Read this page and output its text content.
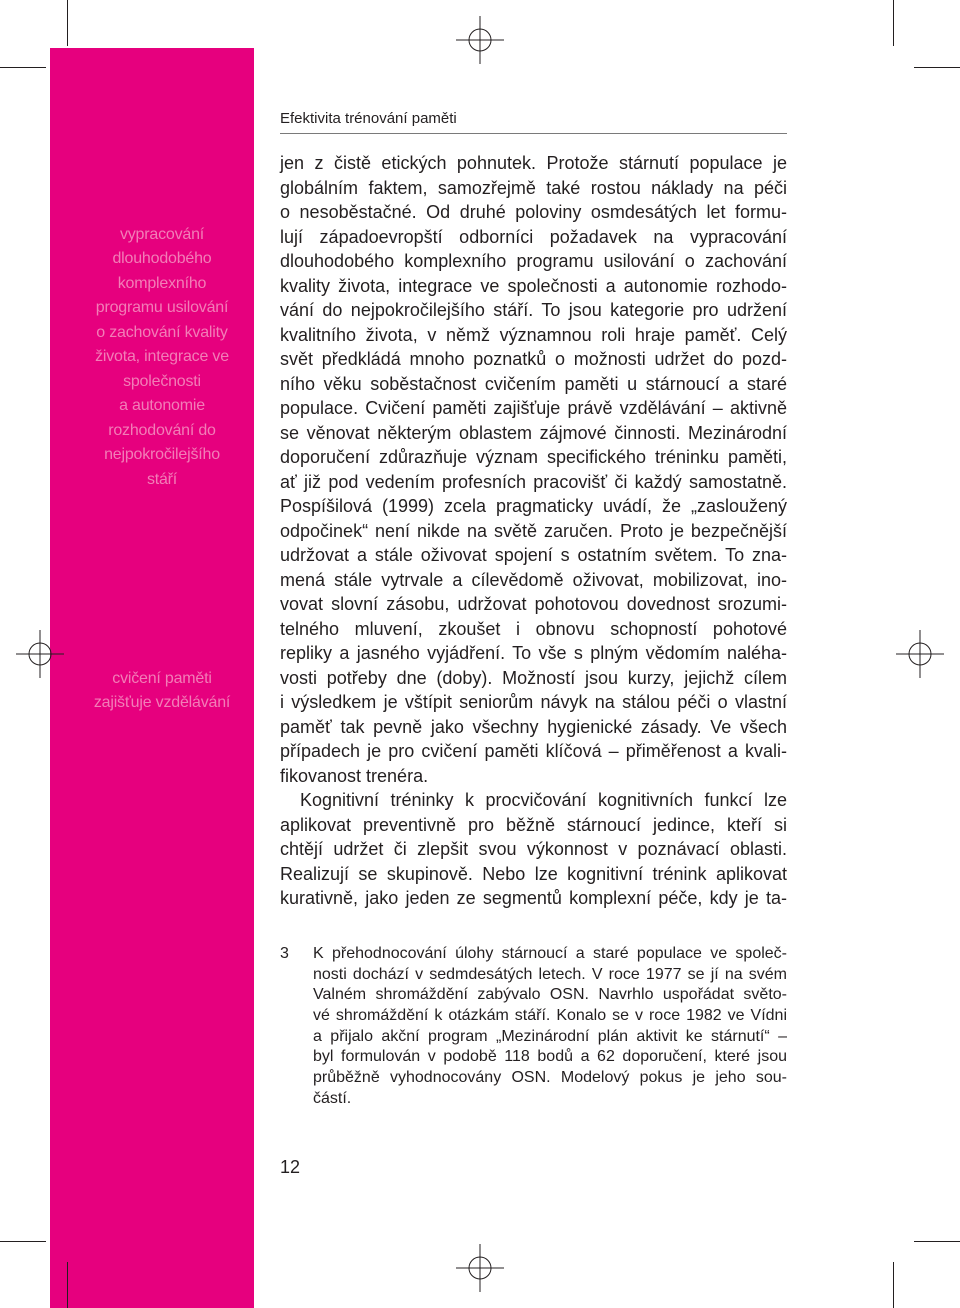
vypracování
dlouhodobého
komplexního
programu usilování
o zachování kvality
života, integrace ve
společnosti
a autonomie
rozhodování do
nejpokročilejšího
stáří
cvičení paměti
zajišťuje vzdělávání
Efektivita trénování paměti
jen z čistě etických pohnutek. Protože stárnutí populace je
globálním faktem, samozřejmě také rostou náklady na péči
o nesoběstačné. Od druhé poloviny osmdesátých let formu-
lují západoevropští odborníci požadavek na vypracování
dlouhodobého komplexního programu usilování o zachování
kvality života, integrace ve společnosti a autonomie rozhodo-
vání do nejpokročilejšího stáří. To jsou kategorie pro udržení
kvalitního života, v němž významnou roli hraje paměť. Celý
svět předkládá mnoho poznatků o možnosti udržet do pozd-
ního věku soběstačnost cvičením paměti u stárnoucí a staré
populace. Cvičení paměti zajišťuje právě vzdělávání – aktivně
se věnovat některým oblastem zájmové činnosti. Mezinárodní
doporučení zdůrazňuje význam specifického tréninku paměti,
ať již pod vedením profesních pracovišť či každý samostatně.
Pospíšilová (1999) zcela pragmaticky uvádí, že „zasloužený
odpočinek“ není nikde na světě zaručen. Proto je bezpečnější
udržovat a stále oživovat spojení s ostatním světem. To zna-
mená stále vytrvale a cílevědomě oživovat, mobilizovat, ino-
vovat slovní zásobu, udržovat pohotovou dovednost srozumi-
telného mluvení, zkoušet i obnovu schopností pohotové
repliky a jasného vyjádření. To vše s plným vědomím naléha-
vosti potřeby dne (doby). Možností jsou kurzy, jejichž cílem
i výsledkem je vštípit seniorům návyk na stálou péči o vlastní
paměť tak pevně jako všechny hygienické zásady. Ve všech
případech je pro cvičení paměti klíčová – přiměřenost a kvali-
fikovanost trenéra.
Kognitivní tréninky k procvičování kognitivních funkcí lze
aplikovat preventivně pro běžně stárnoucí jedince, kteří si
chtějí udržet či zlepšit svou výkonnost v poznávací oblasti.
Realizují se skupinově. Nebo lze kognitivní trénink aplikovat
kurativně, jako jeden ze segmentů komplexní péče, kdy je ta-
3 K přehodnocování úlohy stárnoucí a staré populace ve společ-
nosti dochází v sedmdesátých letech. V roce 1977 se jí na svém
Valném shromáždění zabývalo OSN. Navrhlo uspořádat světo-
vé shromáždění k otázkám stáří. Konalo se v roce 1982 ve Vídni
a přijalo akční program „Mezinárodní plán aktivit ke stárnutí“ –
byl formulován v podobě 118 bodů a 62 doporučení, které jsou
průběžně vyhodnocovány OSN. Modelový pokus je jeho sou-
částí.
12
